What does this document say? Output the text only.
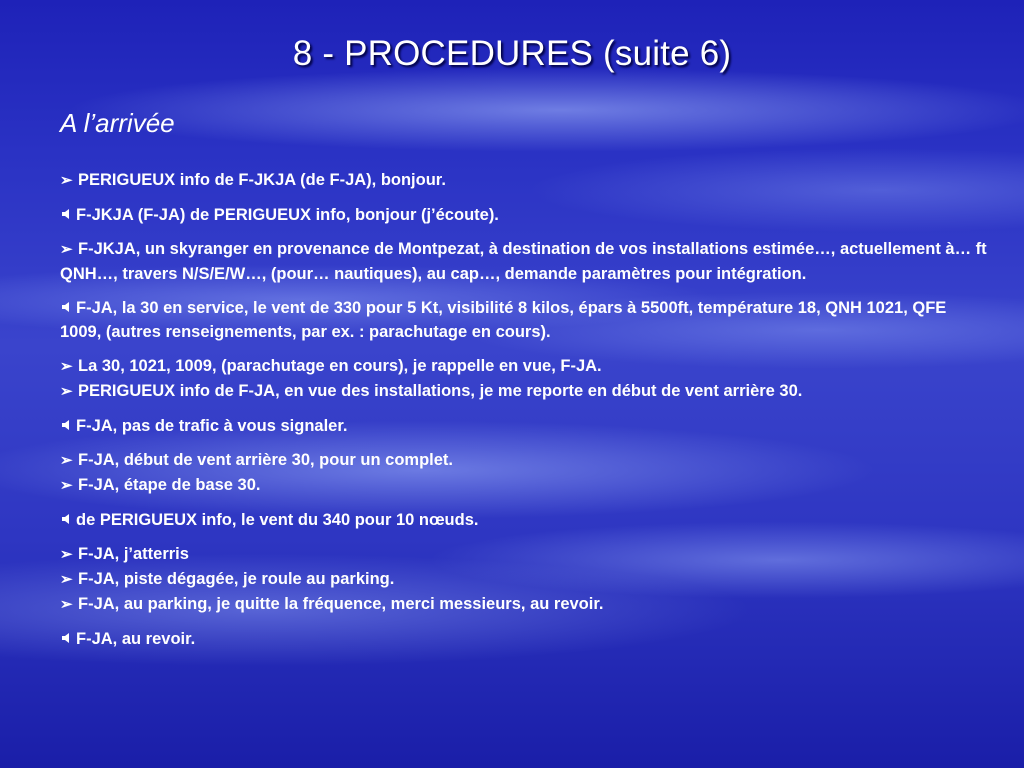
8 - PROCEDURES (suite 6)
A l’arrivée
➢ PERIGUEUX info de F-JKJA (de F-JA), bonjour.
F-JKJA (F-JA) de PERIGUEUX info, bonjour (j’écoute).
➢ F-JKJA, un skyranger en provenance de Montpezat, à destination de vos installations estimée…, actuellement à… ft QNH…, travers N/S/E/W…, (pour… nautiques), au cap…, demande paramètres pour intégration.
F-JA, la 30 en service, le vent de 330 pour 5 Kt, visibilité 8 kilos, épars à 5500ft, température 18, QNH 1021, QFE 1009, (autres renseignements, par ex. : parachutage en cours).
➢ La 30, 1021, 1009, (parachutage en cours), je rappelle en vue, F-JA.
➢ PERIGUEUX info de F-JA, en vue des installations, je me reporte en début de vent arrière 30.
F-JA, pas de trafic à vous signaler.
➢ F-JA, début de vent arrière 30, pour un complet.
➢ F-JA, étape de base 30.
de PERIGUEUX info, le vent du 340 pour 10 nœuds.
➢ F-JA, j’atterris
➢ F-JA, piste dégagée, je roule au parking.
➢ F-JA, au parking, je quitte la fréquence, merci messieurs, au revoir.
F-JA, au revoir.
